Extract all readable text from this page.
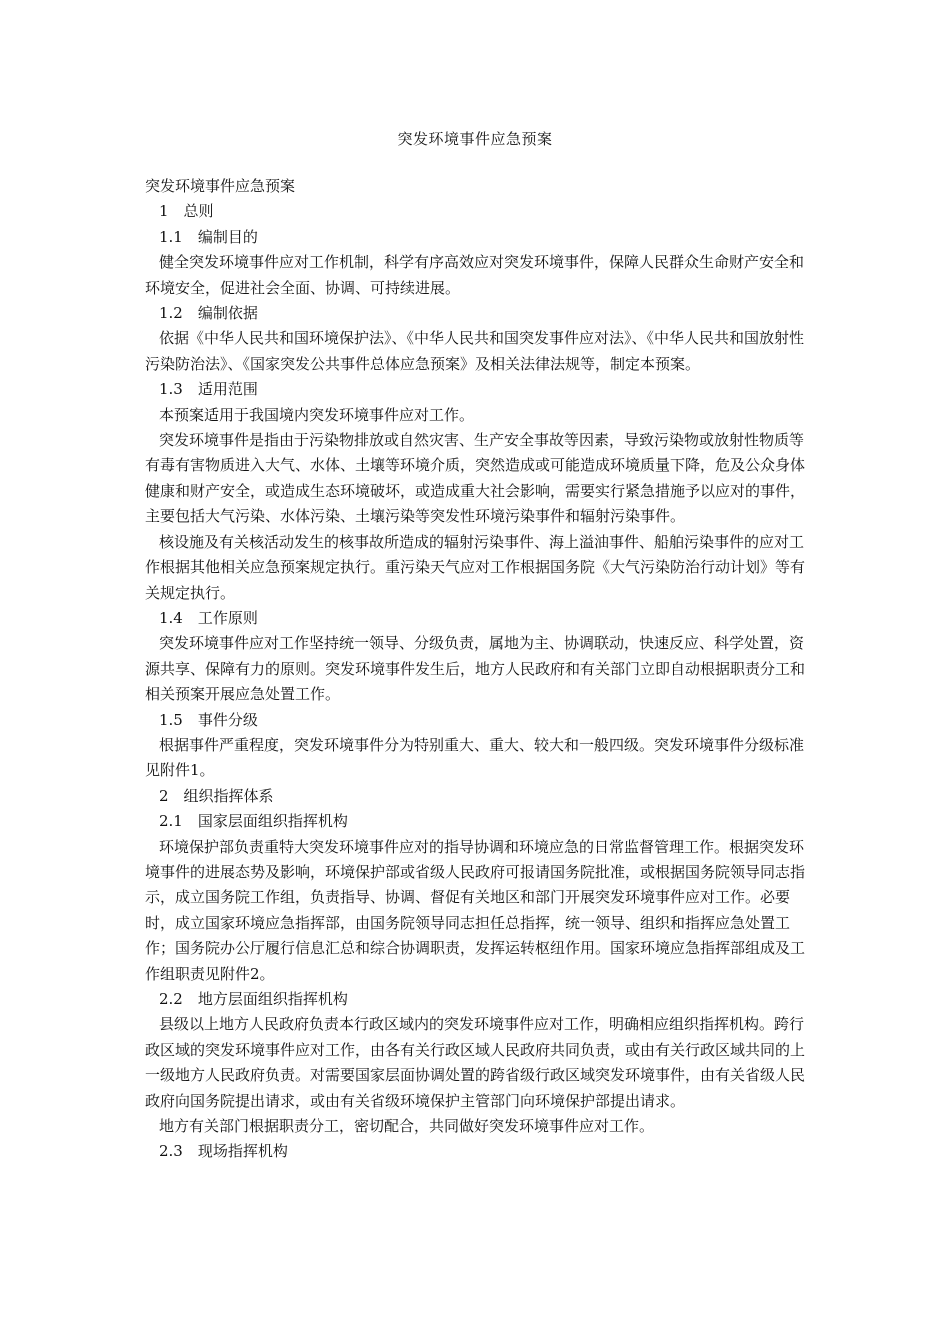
突发环境事件应急预案

突发环境事件应急预案

1　总则

1.1　编制目的

健全突发环境事件应对工作机制，科学有序高效应对突发环境事件，保障人民群众生命财产安全和环境安全，促进社会全面、协调、可持续进展。

1.2　编制依据

依据《中华人民共和国环境保护法》、《中华人民共和国突发事件应对法》、《中华人民共和国放射性污染防治法》、《国家突发公共事件总体应急预案》及相关法律法规等，制定本预案。

1.3　适用范围

本预案适用于我国境内突发环境事件应对工作。

突发环境事件是指由于污染物排放或自然灾害、生产安全事故等因素，导致污染物或放射性物质等有毒有害物质进入大气、水体、土壤等环境介质，突然造成或可能造成环境质量下降，危及公众身体健康和财产安全，或造成生态环境破坏，或造成重大社会影响，需要实行紧急措施予以应对的事件，主要包括大气污染、水体污染、土壤污染等突发性环境污染事件和辐射污染事件。

核设施及有关核活动发生的核事故所造成的辐射污染事件、海上溢油事件、船舶污染事件的应对工作根据其他相关应急预案规定执行。重污染天气应对工作根据国务院《大气污染防治行动计划》等有关规定执行。

1.4　工作原则

突发环境事件应对工作坚持统一领导、分级负责，属地为主、协调联动，快速反应、科学处置，资源共享、保障有力的原则。突发环境事件发生后，地方人民政府和有关部门立即自动根据职责分工和相关预案开展应急处置工作。

1.5　事件分级

根据事件严重程度，突发环境事件分为特别重大、重大、较大和一般四级。突发环境事件分级标准见附件1。

2　组织指挥体系

2.1　国家层面组织指挥机构

环境保护部负责重特大突发环境事件应对的指导协调和环境应急的日常监督管理工作。根据突发环境事件的进展态势及影响，环境保护部或省级人民政府可报请国务院批准，或根据国务院领导同志指示，成立国务院工作组，负责指导、协调、督促有关地区和部门开展突发环境事件应对工作。必要时，成立国家环境应急指挥部，由国务院领导同志担任总指挥，统一领导、组织和指挥应急处置工作；国务院办公厅履行信息汇总和综合协调职责，发挥运转枢纽作用。国家环境应急指挥部组成及工作组职责见附件2。

2.2　地方层面组织指挥机构

县级以上地方人民政府负责本行政区域内的突发环境事件应对工作，明确相应组织指挥机构。跨行政区域的突发环境事件应对工作，由各有关行政区域人民政府共同负责，或由有关行政区域共同的上一级地方人民政府负责。对需要国家层面协调处置的跨省级行政区域突发环境事件，由有关省级人民政府向国务院提出请求，或由有关省级环境保护主管部门向环境保护部提出请求。

地方有关部门根据职责分工，密切配合，共同做好突发环境事件应对工作。

2.3　现场指挥机构
